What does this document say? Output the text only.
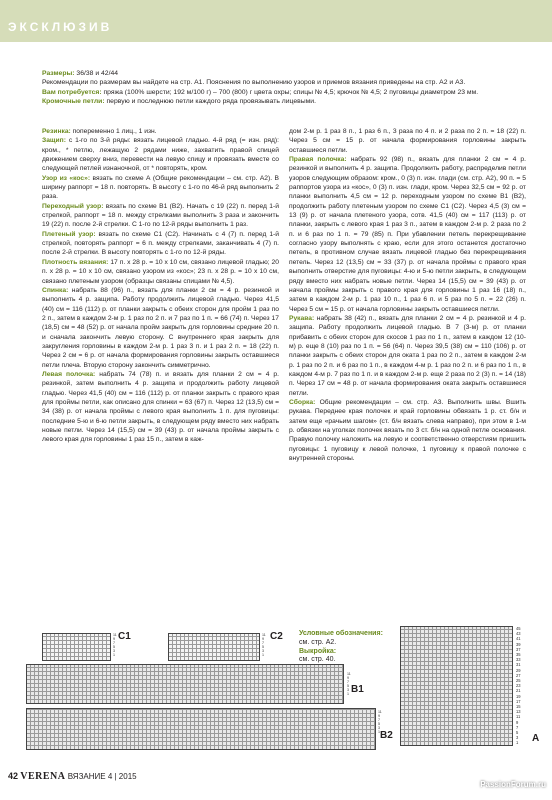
ЭКСКЛЮЗИВ
Размеры: 36/38 и 42/44
Рекомендации по размерам вы найдете на стр. А1. Пояснения по выполнению узоров и приемов вязания приведены на стр. А2 и А3.
Вам потребуется: пряжа (100% шерсти; 192 м/100 г) – 700 (800) г цвета охры; спицы № 4,5; крючок № 4,5; 2 пуговицы диаметром 23 мм.
Кромочные петли: первую и последнюю петли каждого ряда провязывать лицевыми.

Резинка: попеременно 1 лиц., 1 изн.

Защип: с 1-го по 3-й ряды: вязать лицевой гладью. 4-й ряд (= изн. ряд): кром., * петлю, лежащую 2 рядами ниже, захватить правой спицей движением сверху вниз, перевести на левую спицу и провязать вместе со следующей петлей изнаночной, от * повторять, кром.

Узор из «кос»: вязать по схеме А (Общие рекомендации – см. стр. А2). В ширину раппорт = 18 п. повторять. В высоту с 1-го по 46-й ряд выполнить 2 раза.

Переходный узор: вязать по схеме В1 (В2). Начать с 19 (22) п. перед 1-й стрелкой, раппорт = 18 п. между стрелками выполнить 3 раза и закончить 19 (22) п. после 2-й стрелки. С 1-го по 12-й ряды выполнить 1 раз.

Плетеный узор: вязать по схеме С1 (С2). Начинать с 4 (7) п. перед 1-й стрелкой, повторять раппорт = 6 п. между стрелками, заканчивать 4 (7) п. после 2-й стрелки. В высоту повторять с 1-го по 12-й ряды.

Плотность вязания: 17 п. x 28 р. = 10 x 10 см, связано лицевой гладью; 20 п. x 28 р. = 10 x 10 см, связано узором из «кос»; 23 п. x 28 р. = 10 x 10 см, связано плетеным узором (образцы связаны спицами № 4,5).

Спинка: набрать 88 (96) п., вязать для планки 2 см = 4 р. резинкой и выполнить 4 р. защипа. Работу продолжить лицевой гладью. Через 41,5 (40) см = 116 (112) р. от планки закрыть с обеих сторон для пройм 1 раз по 2 п., затем в каждом 2-м р. 1 раз по 2 п. и 7 раз по 1 п. = 66 (74) п. Через 17 (18,5) см = 48 (52) р. от начала пройм закрыть для горловины средние 20 п. и сначала закончить левую сторону. С внутреннего края закрыть для закругления горловины в каждом 2-м р. 1 раз 3 п. и 1 раз 2 п. = 18 (22) п. Через 2 см = 6 р. от начала формирования горловины закрыть оставшиеся петли плеча. Вторую сторону закончить симметрично.

Левая полочка: набрать 74 (78) п. и вязать для планки 2 см = 4 р. резинкой, затем выполнить 4 р. защипа и продолжить работу лицевой гладью. Через 41,5 (40) см = 116 (112) р. от планки закрыть с правого края для проймы петли, как описано для спинки = 63 (67) п. Через 12 (13,5) см = 34 (38) р. от начала проймы с левого края выполнить 1 п. для пуговицы: последние 5-ю и 6-ю петли закрыть, в следующем ряду вместо них набрать новые петли. Через 14 (15,5) см = 39 (43) р. от начала проймы закрыть с левого края для горловины 1 раз 15 п., затем в каж-

дом 2-м р. 1 раз 8 п., 1 раз 6 п., 3 раза по 4 п. и 2 раза по 2 п. = 18 (22) п. Через 5 см = 15 р. от начала формирования горловины закрыть оставшиеся петли.

Правая полочка: набрать 92 (98) п., вязать для планки 2 см = 4 р. резинкой и выполнить 4 р. защипа. Продолжить работу, распределив петли узоров следующим образом: кром., 0 (3) п. изн. глади (см. стр. А2), 90 п. = 5 раппортов узора из «кос», 0 (3) п. изн. глади, кром. Через 32,5 см = 92 р. от планки выполнить 4,5 см = 12 р. переходным узором по схеме В1 (В2), продолжить работу плетеным узором по схеме С1 (С2). Через 4,5 (3) см = 13 (9) р. от начала плетеного узора, сотв. 41,5 (40) см = 117 (113) р. от планки, закрыть с левого края 1 раз 3 п., затем в каждом 2-м р. 2 раза по 2 п. и 6 раз по 1 п. = 79 (85) п. При убавлении петель перекрещивание согласно узору выполнять с краю, если для этого останется достаточно петель, в противном случае вязать лицевой гладью без перекрещивания петель. Через 12 (13,5) см = 33 (37) р. от начала проймы с правого края выполнить отверстие для пуговицы: 4-ю и 5-ю петли закрыть, в следующем ряду вместо них набрать новые петли. Через 14 (15,5) см = 39 (43) р. от начала проймы закрыть с правого края для горловины 1 раз 16 (18) п., затем в каждом 2-м р. 1 раз 10 п., 1 раз 6 п. и 5 раз по 5 п. = 22 (26) п. Через 5 см = 15 р. от начала горловины закрыть оставшиеся петли.

Рукава: набрать 38 (42) п., вязать для планки 2 см = 4 р. резинкой и 4 р. защипа. Работу продолжить лицевой гладью. В 7 (3-м) р. от планки прибавить с обеих сторон для скосов 1 раз по 1 п., затем в каждом 12 (10-м) р. еще 8 (10) раз по 1 п. = 56 (64) п. Через 39,5 (38) см = 110 (106) р. от планки закрыть с обеих сторон для оката 1 раз по 2 п., затем в каждом 2-м р. 1 раз по 2 п. и 6 раз по 1 п., в каждом 4-м р. 1 раз по 2 п. и 6 раз по 1 п., в каждом 4-м р. 7 раз по 1 п. и в каждом 2-м р. еще 2 раза по 2 (3) п. = 14 (18) п. Через 17 см = 48 р. от начала формирования оката закрыть оставшиеся петли.

Сборка: Общие рекомендации – см. стр. А3. Выполнить швы. Вшить рукава. Переднее края полочек и край горловины обвязать 1 р. ст. б/н и затем еще «рачьим шагом» (ст. б/н вязать слева направо), при этом в 1-м р. обвязки на уголках полочек вязать по 3 ст. б/н на одной петле основания. Правую полочку наложить на левую и соответственно отверстиям пришить пуговицы: 1 пуговицу к левой полочке, 1 пуговицу к правой полочке с внутренней стороны.

11
9
7
5
3
1
C1	11
9
7
5
3
1
C2
11
9
7
5
3
1 B1
11
9
7
5
3
1 B2
45
43
41
39
37
35
33
31
29
27
25
23
21
19
17
15
13
11
9
7
5
3
1 A
Условные обозначения:
см. стр. А2.
Выкройка:
см. стр. 40.
42 VERENA ВЯЗАНИЕ 4 | 2015
PassionForum.ru
